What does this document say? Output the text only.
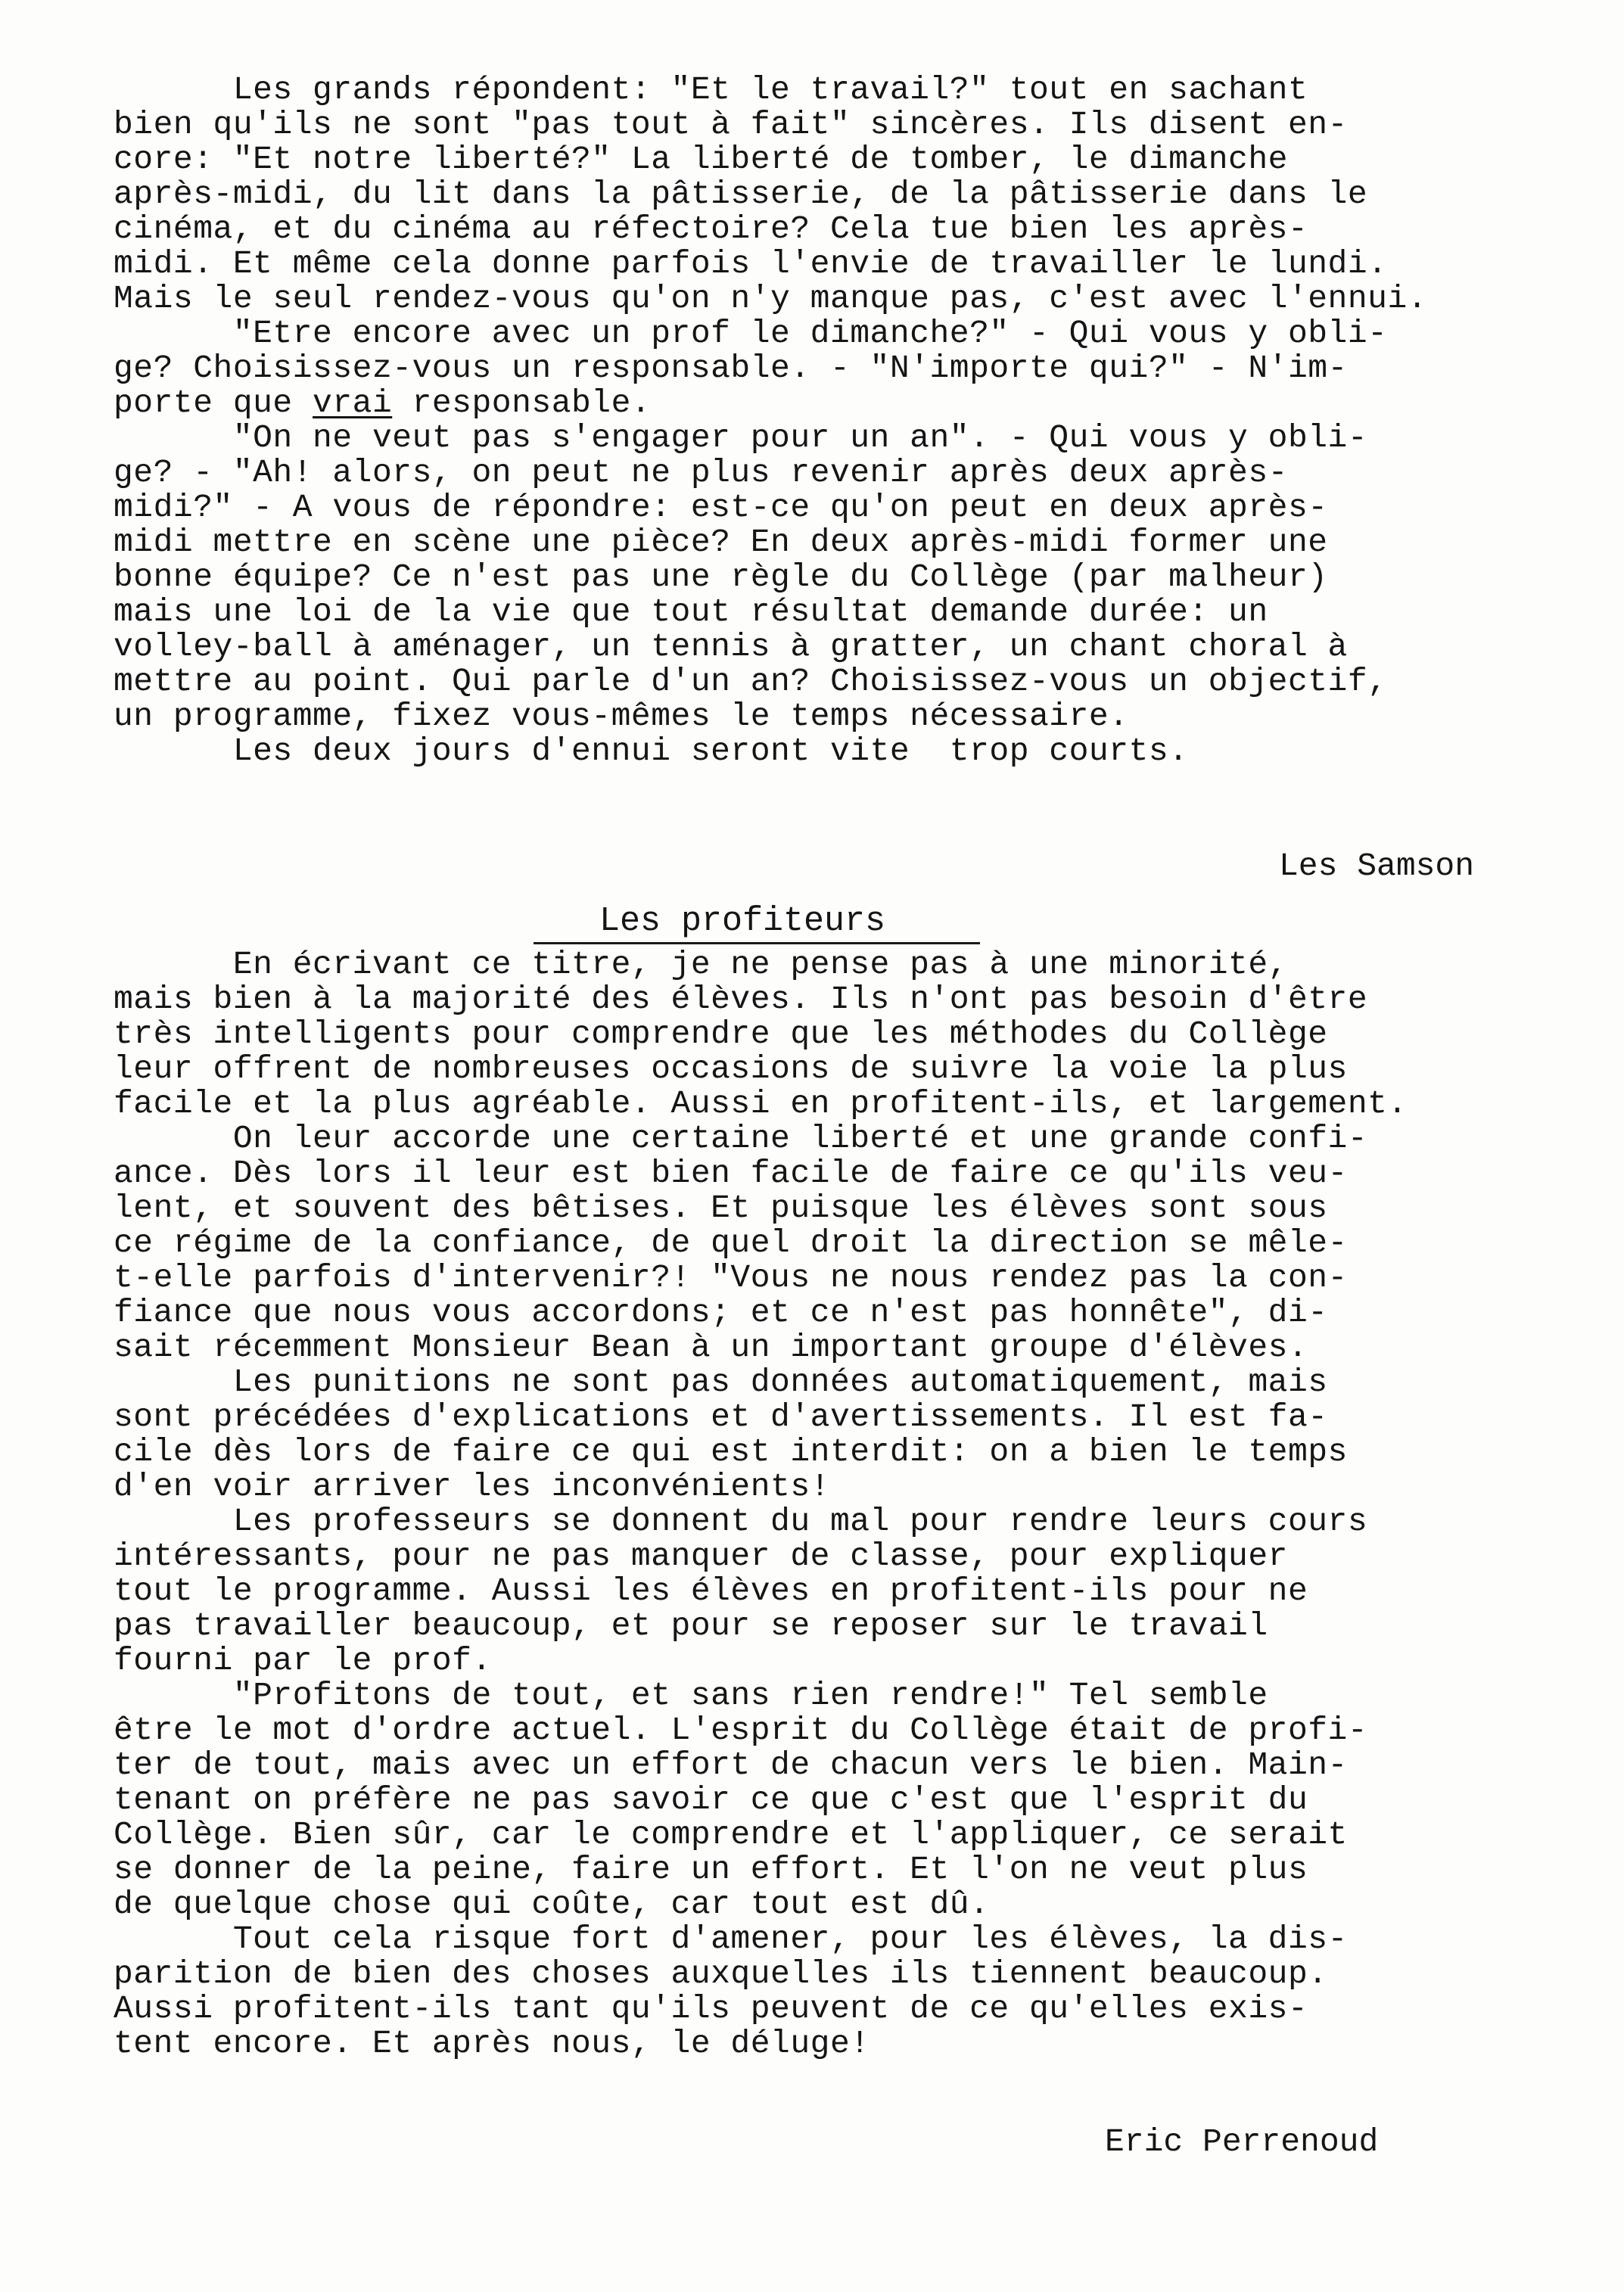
Les grands répondent: "Et le travail?" tout en sachant
bien qu'ils ne sont "pas tout à fait" sincères. Ils disent en-
core: "Et notre liberté?" La liberté de tomber, le dimanche
après-midi, du lit dans la pâtisserie, de la pâtisserie dans le
cinéma, et du cinéma au réfectoire? Cela tue bien les après-
midi. Et même cela donne parfois l'envie de travailler le lundi.
Mais le seul rendez-vous qu'on n'y manque pas, c'est avec l'ennui.
"Etre encore avec un prof le dimanche?" - Qui vous y obli-
ge? Choisissez-vous un responsable. - "N'importe qui?" - N'im-
porte que vrai responsable.
"On ne veut pas s'engager pour un an". - Qui vous y obli-
ge? - "Ah! alors, on peut ne plus revenir après deux après-
midi?" - A vous de répondre: est-ce qu'on peut en deux après-
midi mettre en scène une pièce? En deux après-midi former une
bonne équipe? Ce n'est pas une règle du Collège (par malheur)
mais une loi de la vie que tout résultat demande durée: un
volley-ball à aménager, un tennis à gratter, un chant choral à
mettre au point. Qui parle d'un an? Choisissez-vous un objectif,
un programme, fixez vous-mêmes le temps nécessaire.
Les deux jours d'ennui seront vite  trop courts.
Les Samson
Les profiteurs
En écrivant ce titre, je ne pense pas à une minorité,
mais bien à la majorité des élèves. Ils n'ont pas besoin d'être
très intelligents pour comprendre que les méthodes du Collège
leur offrent de nombreuses occasions de suivre la voie la plus
facile et la plus agréable. Aussi en profitent-ils, et largement.
On leur accorde une certaine liberté et une grande confi-
ance. Dès lors il leur est bien facile de faire ce qu'ils veu-
lent, et souvent des bêtises. Et puisque les élèves sont sous
ce régime de la confiance, de quel droit la direction se mêle-
t-elle parfois d'intervenir?! "Vous ne nous rendez pas la con-
fiance que nous vous accordons; et ce n'est pas honnête", di-
sait récemment Monsieur Bean à un important groupe d'élèves.
Les punitions ne sont pas données automatiquement, mais
sont précédées d'explications et d'avertissements. Il est fa-
cile dès lors de faire ce qui est interdit: on a bien le temps
d'en voir arriver les inconvénients!
Les professeurs se donnent du mal pour rendre leurs cours
intéressants, pour ne pas manquer de classe, pour expliquer
tout le programme. Aussi les élèves en profitent-ils pour ne
pas travailler beaucoup, et pour se reposer sur le travail
fourni par le prof.
"Profitons de tout, et sans rien rendre!" Tel semble
être le mot d'ordre actuel. L'esprit du Collège était de profi-
ter de tout, mais avec un effort de chacun vers le bien. Main-
tenant on préfère ne pas savoir ce que c'est que l'esprit du
Collège. Bien sûr, car le comprendre et l'appliquer, ce serait
se donner de la peine, faire un effort. Et l'on ne veut plus
de quelque chose qui coûte, car tout est dû.
Tout cela risque fort d'amener, pour les élèves, la dis-
parition de bien des choses auxquelles ils tiennent beaucoup.
Aussi profitent-ils tant qu'ils peuvent de ce qu'elles exis-
tent encore. Et après nous, le déluge!
Eric Perrenoud
